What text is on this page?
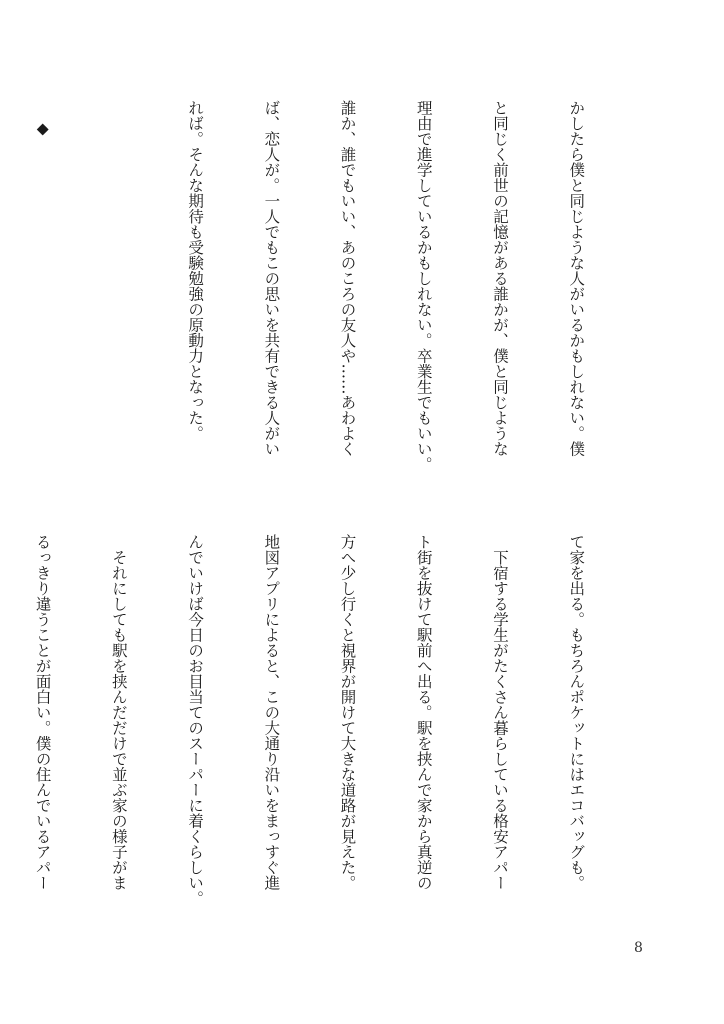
かしたら僕と同じような人がいるかもしれない。僕

と同じく前世の記憶がある誰かが、僕と同じような

理由で進学しているかもしれない。卒業生でもいい。

誰か、誰でもいい、あのころの友人や……あわよく

ば、恋人が。一人でもこの思いを共有できる人がい

れば。そんな期待も受験勉強の原動力となった。

◆

て家を出る。もちろんポケットにはエコバッグも。

　下宿する学生がたくさん暮らしている格安アパー

ト街を抜けて駅前へ出る。駅を挟んで家から真逆の

方へ少し行くと視界が開けて大きな道路が見えた。

地図アプリによると、この大通り沿いをまっすぐ進

んでいけば今日のお目当てのスーパーに着くらしい。

　それにしても駅を挟んだだけで並ぶ家の様子がま

るっきり違うことが面白い。僕の住んでいるアパー

8
